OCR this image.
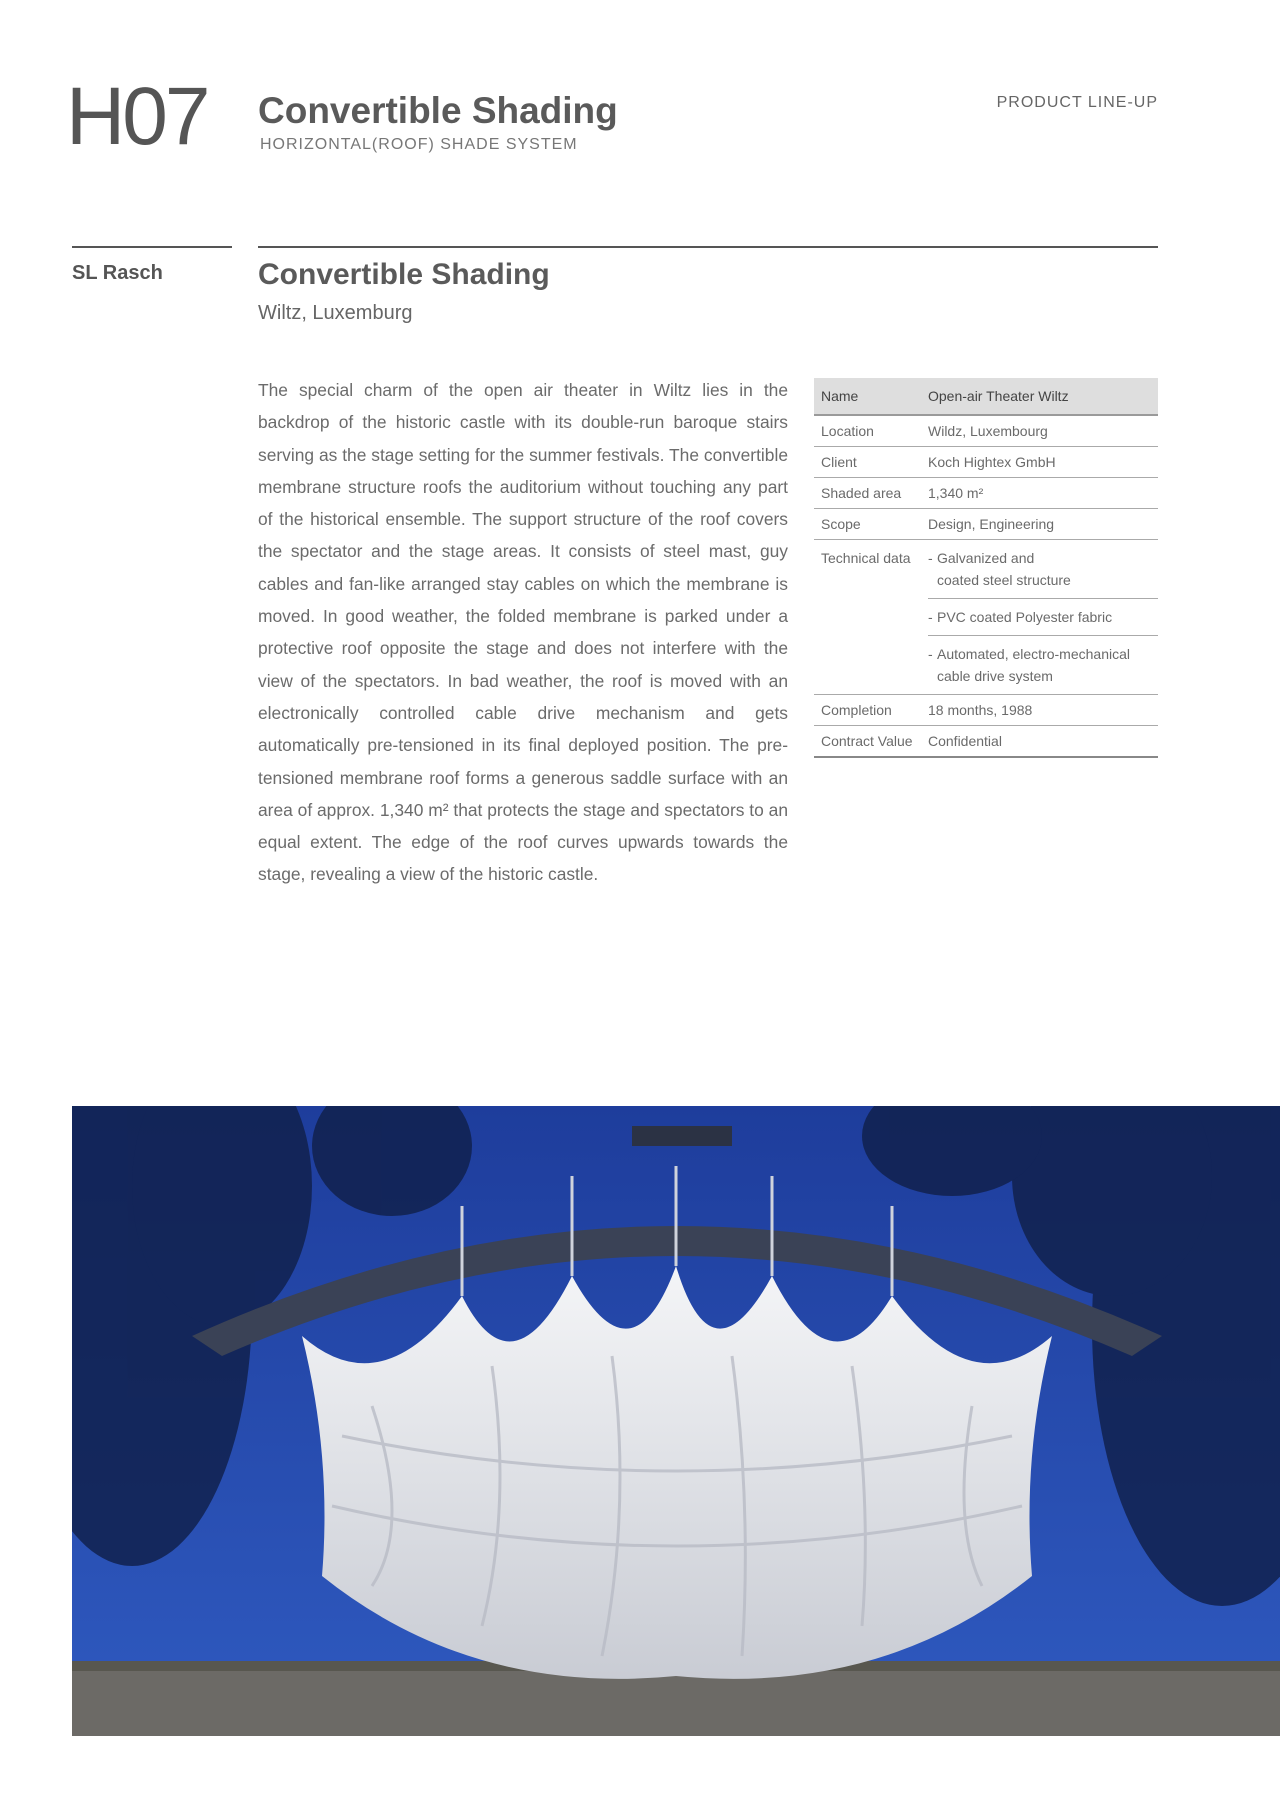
H07 Convertible Shading
HORIZONTAL(ROOF) SHADE SYSTEM
PRODUCT LINE-UP
SL Rasch	Convertible Shading
Wiltz, Luxemburg

The special charm of the open air theater in Wiltz lies in the backdrop of the historic castle with its double-run baroque stairs serving as the stage setting for the summer festivals. The convertible membrane structure roofs the auditorium without touching any part of the historical ensemble. The support structure of the roof covers the spectator and the stage areas. It consists of steel mast, guy cables and fan-like arranged stay cables on which the membrane is moved. In good weather, the folded membrane is parked under a protective roof opposite the stage and does not interfere with the view of the spectators. In bad weather, the roof is moved with an electronically controlled cable drive mechanism and gets automatically pre-tensioned in its final deployed position. The pre-tensioned membrane roof forms a generous saddle surface with an area of approx. 1,340 m² that protects the stage and spectators to an equal extent. The edge of the roof curves upwards towards the stage, revealing a view of the historic castle.

Name	Open-air Theater Wiltz
Location	Wildz, Luxembourg
Client	Koch Hightex GmbH
Shaded area	1,340 m²
Scope	Design, Engineering
Technical data	- Galvanized and
coated steel structure
- PVC coated Polyester fabric
- Automated, electro-mechanical
cable drive system
Completion	18 months, 1988
Contract Value	Confidential
